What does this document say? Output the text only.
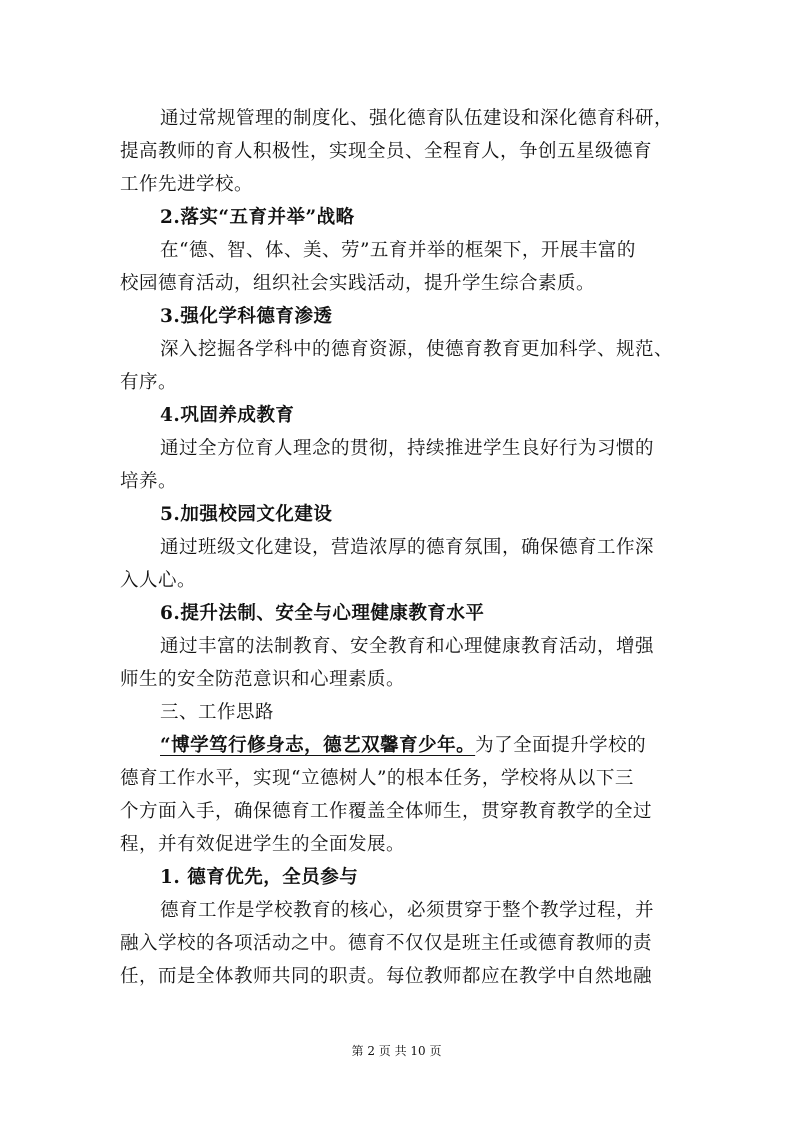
通过常规管理的制度化、强化德育队伍建设和深化德育科研，
提高教师的育人积极性，实现全员、全程育人，争创五星级德育
工作先进学校。
2.落实“五育并举”战略
在“德、智、体、美、劳”五育并举的框架下，开展丰富的
校园德育活动，组织社会实践活动，提升学生综合素质。
3.强化学科德育渗透
深入挖掘各学科中的德育资源，使德育教育更加科学、规范、
有序。
4.巩固养成教育
通过全方位育人理念的贯彻，持续推进学生良好行为习惯的
培养。
5.加强校园文化建设
通过班级文化建设，营造浓厚的德育氛围，确保德育工作深
入人心。
6.提升法制、安全与心理健康教育水平
通过丰富的法制教育、安全教育和心理健康教育活动，增强
师生的安全防范意识和心理素质。
三、工作思路
“博学笃行修身志，德艺双馨育少年。为了全面提升学校的
德育工作水平，实现“立德树人”的根本任务，学校将从以下三
个方面入手，确保德育工作覆盖全体师生，贯穿教育教学的全过
程，并有效促进学生的全面发展。
1. 德育优先，全员参与
德育工作是学校教育的核心，必须贯穿于整个教学过程，并
融入学校的各项活动之中。德育不仅仅是班主任或德育教师的责
任，而是全体教师共同的职责。每位教师都应在教学中自然地融
第 2 页 共 10 页
